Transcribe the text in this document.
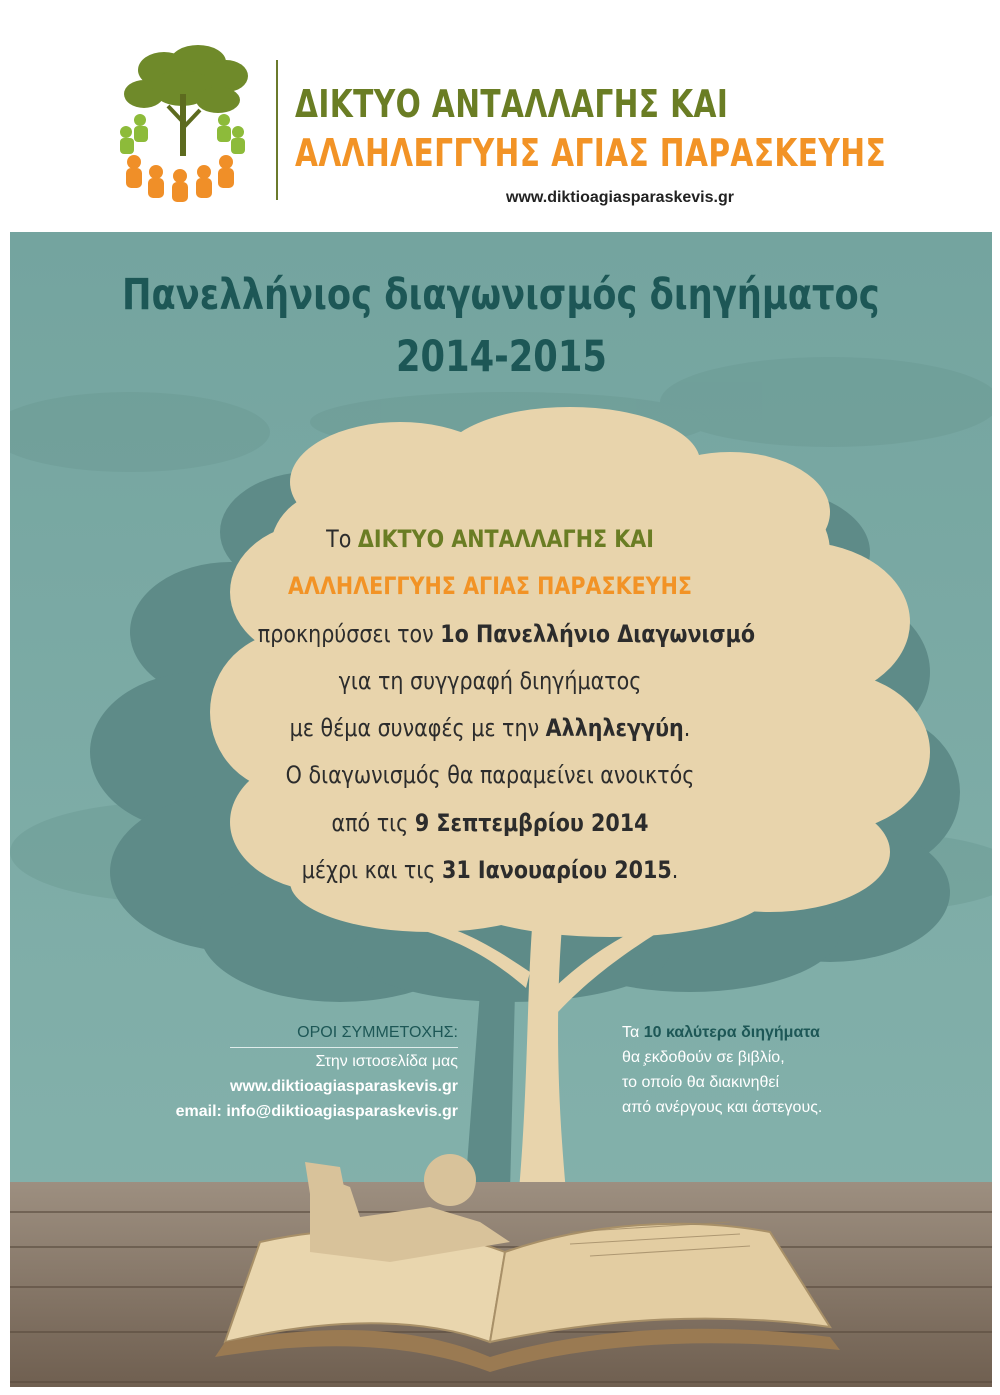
ΔΙΚΤΥΟ ΑΝΤΑΛΛΑΓΗΣ ΚΑΙ
ΑΛΛΗΛΕΓΓΥΗΣ ΑΓΙΑΣ ΠΑΡΑΣΚΕΥΗΣ
www.diktioagiasparaskevis.gr
Πανελλήνιος διαγωνισμός διηγήματος
2014-2015
Το ΔΙΚΤΥΟ ΑΝΤΑΛΛΑΓΗΣ ΚΑΙ
ΑΛΛΗΛΕΓΓΥΗΣ ΑΓΙΑΣ ΠΑΡΑΣΚΕΥΗΣ
προκηρύσσει τον 1ο Πανελλήνιο Διαγωνισμό
για τη συγγραφή διηγήματος
με θέμα συναφές με την Αλληλεγγύη.
Ο διαγωνισμός θα παραμείνει ανοικτός
από τις 9 Σεπτεμβρίου 2014
μέχρι και τις 31 Ιανουαρίου 2015.
ΟΡΟΙ ΣΥΜΜΕΤΟΧΗΣ:
Στην ιστοσελίδα μας
www.diktioagiasparaskevis.gr
email: info@diktioagiasparaskevis.gr
Τα 10 καλύτερα διηγήματα
θα ̧εκδοθούν σε βιβλίο,
το οποίο θα διακινηθεί
από ανέργους και άστεγους.
